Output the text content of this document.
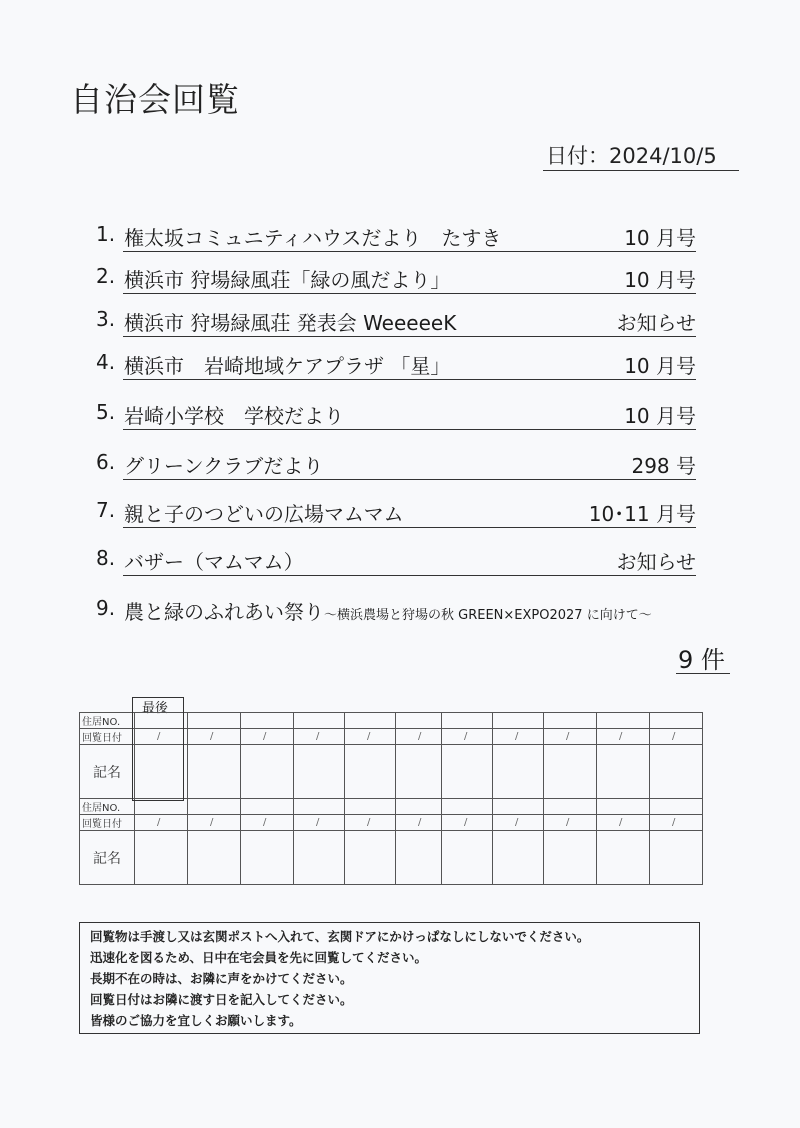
自治会回覧
日付：2024/10/5
1. 権太坂コミュニティハウスだより　たすき	10 月号
2. 横浜市 狩場緑風荘「緑の風だより」	10 月号
3. 横浜市 狩場緑風荘 発表会 WeeeeeK	お知らせ
4. 横浜市　岩崎地域ケアプラザ 「星」	10 月号
5. 岩崎小学校　学校だより	10 月号
6. グリーンクラブだより	298 号
7. 親と子のつどいの広場マムマム	10･11 月号
8. バザー（マムマム）	お知らせ
9. 農と緑のふれあい祭り～横浜農場と狩場の秋 GREEN×EXPO2027 に向けて～
9 件
最後
住居NO.											
回覧日付	/	/	/	/	/	/	/	/	/	/	/
記名											
住居NO.											
回覧日付	/	/	/	/	/	/	/	/	/	/	/
記名											
回覧物は手渡し又は玄関ポストへ入れて、玄関ドアにかけっぱなしにしないでください。
迅速化を図るため、日中在宅会員を先に回覧してください。
長期不在の時は、お隣に声をかけてください。
回覧日付はお隣に渡す日を記入してください。
皆様のご協力を宜しくお願いします。
